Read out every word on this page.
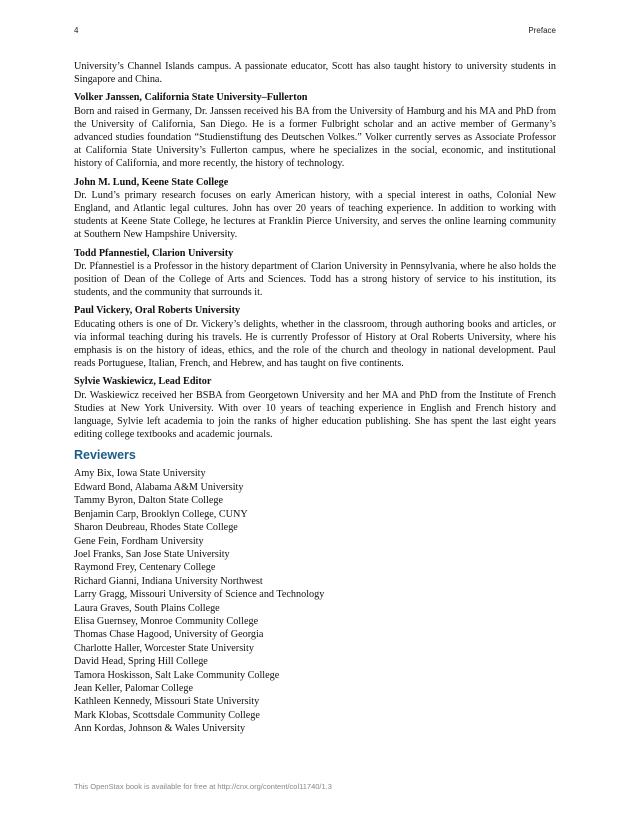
4	Preface

University’s Channel Islands campus. A passionate educator, Scott has also taught history to university students in Singapore and China.

Volker Janssen, California State University–Fullerton

Born and raised in Germany, Dr. Janssen received his BA from the University of Hamburg and his MA and PhD from the University of California, San Diego. He is a former Fulbright scholar and an active member of Germany’s advanced studies foundation “Studienstiftung des Deutschen Volkes.” Volker currently serves as Associate Professor at California State University’s Fullerton campus, where he specializes in the social, economic, and institutional history of California, and more recently, the history of technology.

John M. Lund, Keene State College

Dr. Lund’s primary research focuses on early American history, with a special interest in oaths, Colonial New England, and Atlantic legal cultures. John has over 20 years of teaching experience. In addition to working with students at Keene State College, he lectures at Franklin Pierce University, and serves the online learning community at Southern New Hampshire University.

Todd Pfannestiel, Clarion University

Dr. Pfannestiel is a Professor in the history department of Clarion University in Pennsylvania, where he also holds the position of Dean of the College of Arts and Sciences. Todd has a strong history of service to his institution, its students, and the community that surrounds it.

Paul Vickery, Oral Roberts University

Educating others is one of Dr. Vickery’s delights, whether in the classroom, through authoring books and articles, or via informal teaching during his travels. He is currently Professor of History at Oral Roberts University, where his emphasis is on the history of ideas, ethics, and the role of the church and theology in national development. Paul reads Portuguese, Italian, French, and Hebrew, and has taught on five continents.

Sylvie Waskiewicz, Lead Editor

Dr. Waskiewicz received her BSBA from Georgetown University and her MA and PhD from the Institute of French Studies at New York University. With over 10 years of teaching experience in English and French history and language, Sylvie left academia to join the ranks of higher education publishing. She has spent the last eight years editing college textbooks and academic journals.

Reviewers

Amy Bix, Iowa State University

Edward Bond, Alabama A&M University

Tammy Byron, Dalton State College

Benjamin Carp, Brooklyn College, CUNY

Sharon Deubreau, Rhodes State College

Gene Fein, Fordham University

Joel Franks, San Jose State University

Raymond Frey, Centenary College

Richard Gianni, Indiana University Northwest

Larry Gragg, Missouri University of Science and Technology

Laura Graves, South Plains College

Elisa Guernsey, Monroe Community College

Thomas Chase Hagood, University of Georgia

Charlotte Haller, Worcester State University

David Head, Spring Hill College

Tamora Hoskisson, Salt Lake Community College

Jean Keller, Palomar College

Kathleen Kennedy, Missouri State University

Mark Klobas, Scottsdale Community College

Ann Kordas, Johnson & Wales University

This OpenStax book is available for free at http://cnx.org/content/col11740/1.3
